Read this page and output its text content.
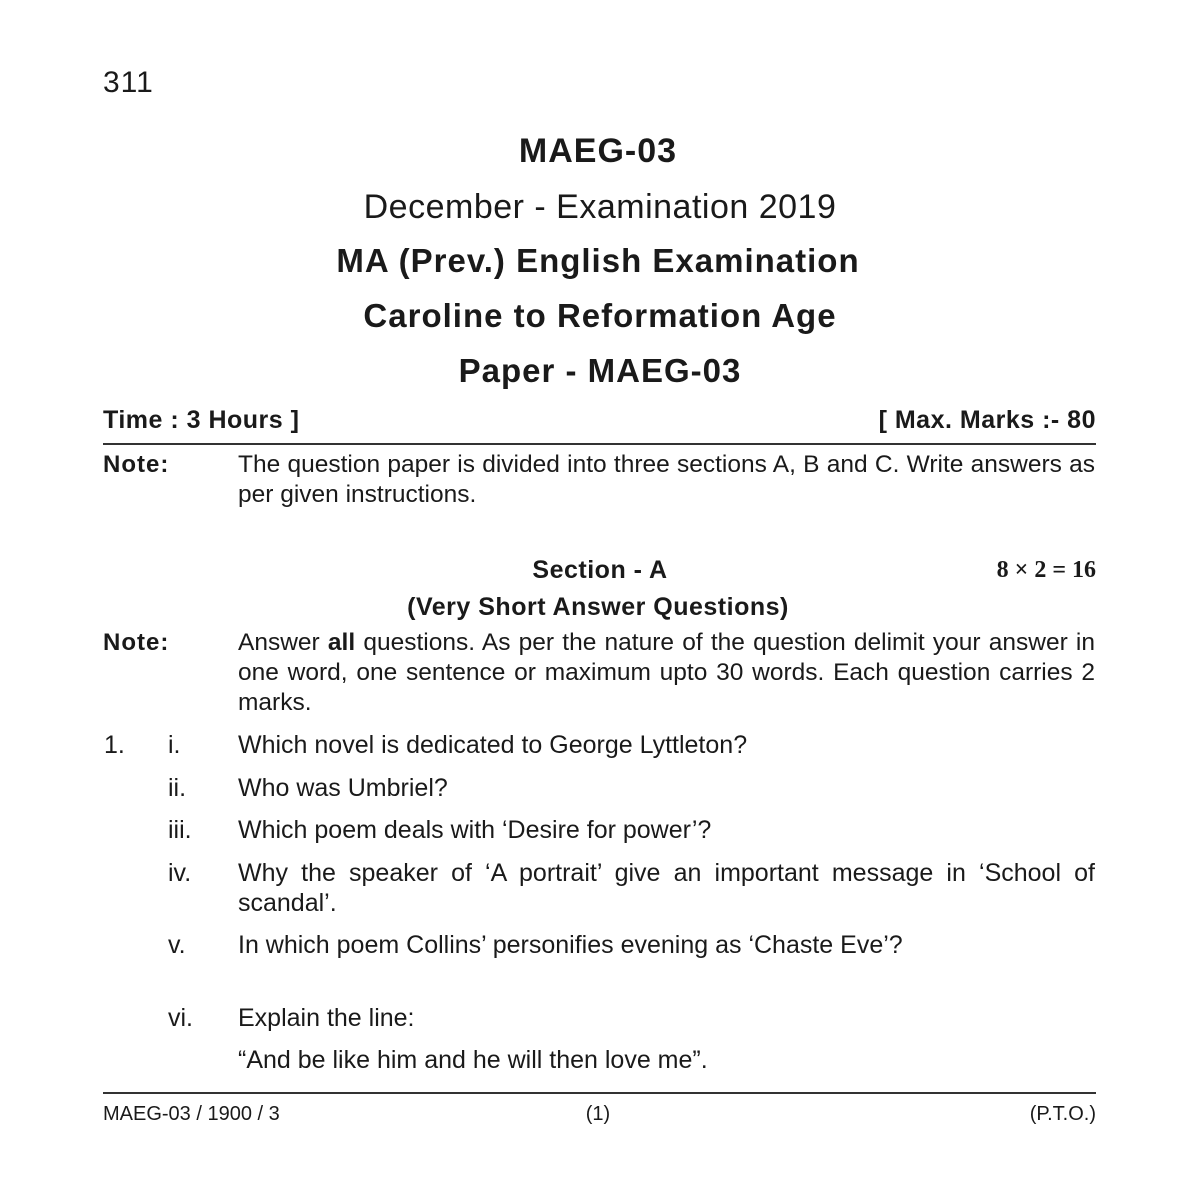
311
MAEG-03
December - Examination 2019
MA (Prev.) English Examination
Caroline to Reformation Age
Paper - MAEG-03
Time : 3 Hours ]	[ Max. Marks :- 80
Note:	The question paper is divided into three sections A, B and C. Write answers as per given instructions.
Section - A	8 × 2 = 16
(Very Short Answer Questions)
Note:	Answer all questions. As per the nature of the question delimit your answer in one word, one sentence or maximum upto 30 words. Each question carries 2 marks.
1. i. Which novel is dedicated to George Lyttleton?
ii. Who was Umbriel?
iii. Which poem deals with ‘Desire for power’?
iv. Why the speaker of ‘A portrait’ give an important message in ‘School of scandal’.
v. In which poem Collins’ personifies evening as ‘Chaste Eve’?
vi. Explain the line:
“And be like him and he will then love me”.
MAEG-03 / 1900 / 3	(1)	(P.T.O.)
